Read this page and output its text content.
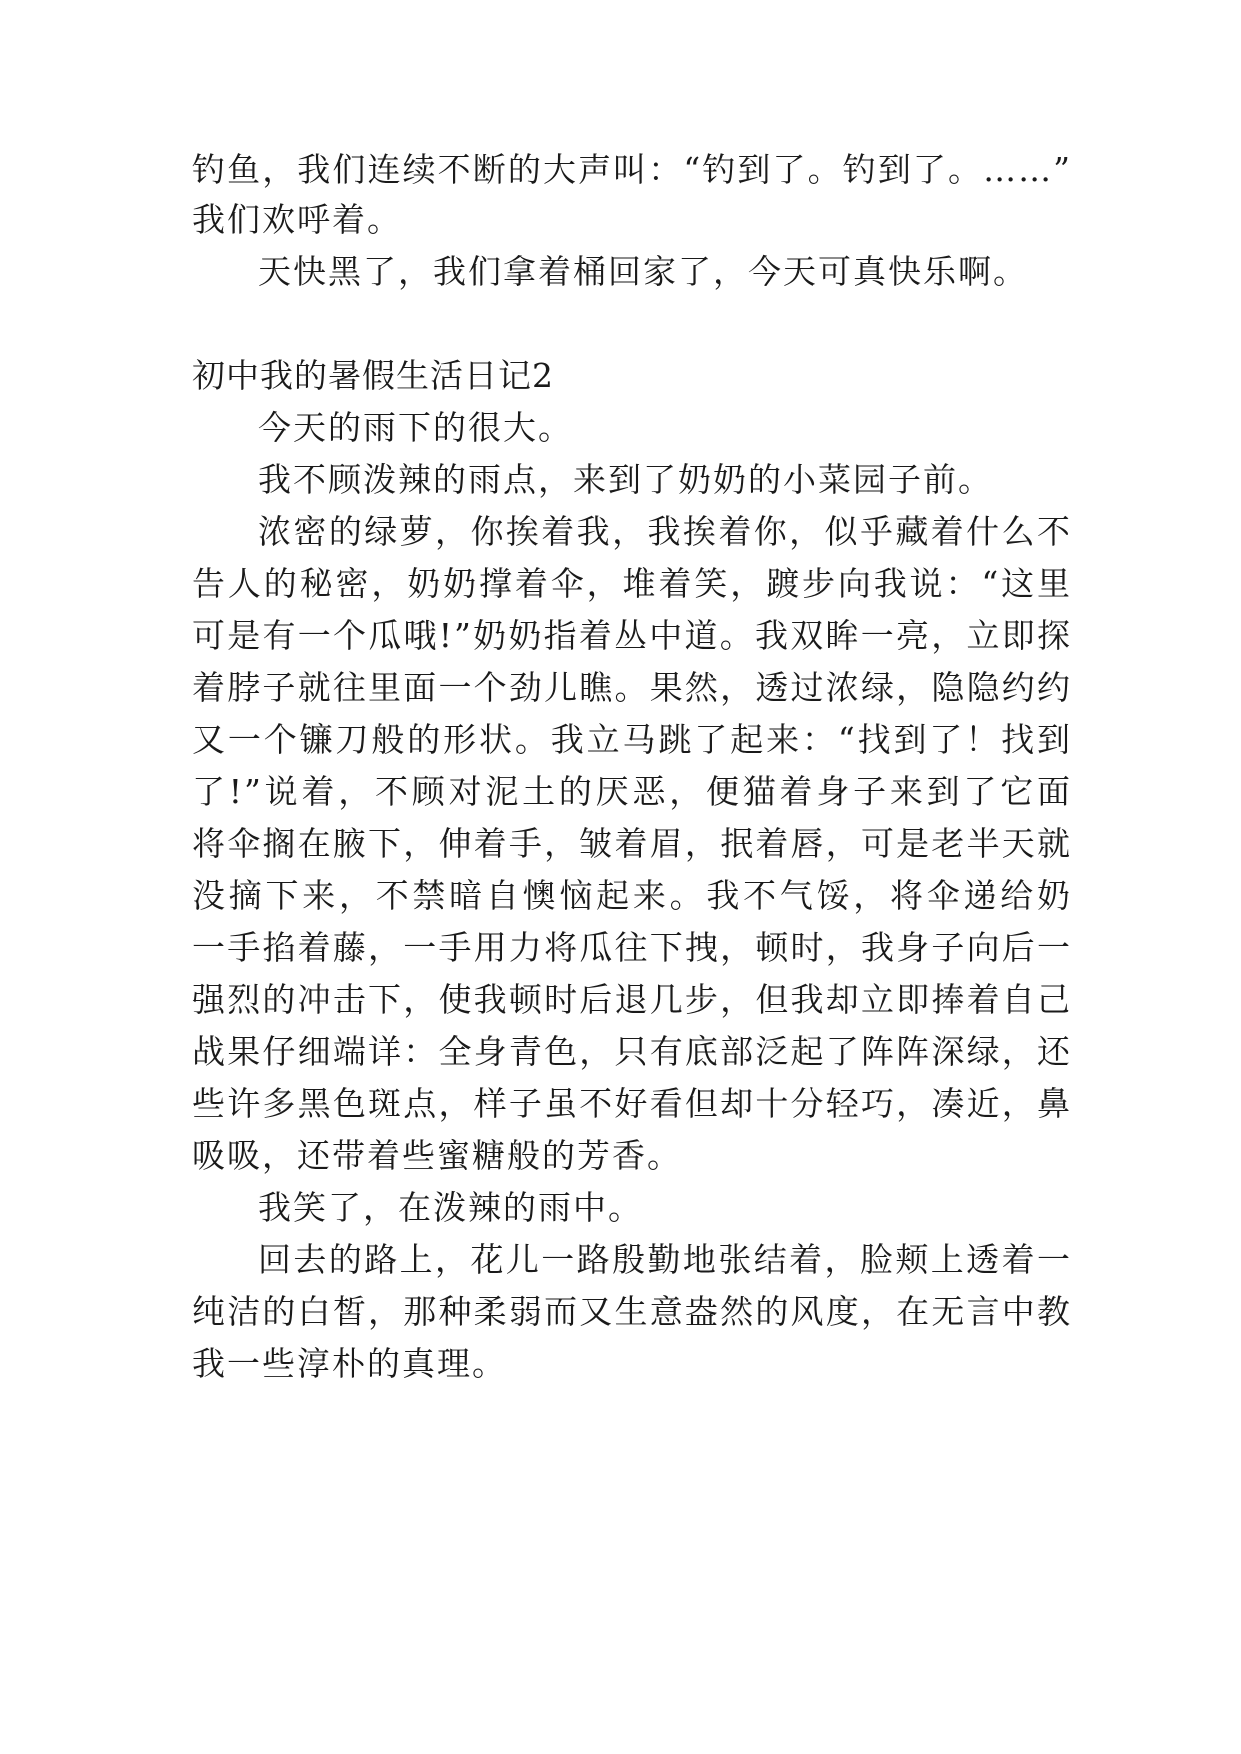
钓鱼，我们连续不断的大声叫：“钓到了。钓到了。……”
我们欢呼着。
天快黑了，我们拿着桶回家了，今天可真快乐啊。
初中我的暑假生活日记2
今天的雨下的很大。
我不顾泼辣的雨点，来到了奶奶的小菜园子前。
浓密的绿萝，你挨着我，我挨着你，似乎藏着什么不
告人的秘密，奶奶撑着伞，堆着笑，踱步向我说：“这里
可是有一个瓜哦!”奶奶指着丛中道。我双眸一亮，立即探
着脖子就往里面一个劲儿瞧。果然，透过浓绿，隐隐约约
又一个镰刀般的形状。我立马跳了起来：“找到了！找到
了!”说着，不顾对泥土的厌恶，便猫着身子来到了它面
将伞搁在腋下，伸着手，皱着眉，抿着唇，可是老半天就
没摘下来，不禁暗自懊恼起来。我不气馁，将伞递给奶
一手掐着藤，一手用力将瓜往下拽，顿时，我身子向后一
强烈的冲击下，使我顿时后退几步，但我却立即捧着自己
战果仔细端详：全身青色，只有底部泛起了阵阵深绿，还
些许多黑色斑点，样子虽不好看但却十分轻巧，凑近，鼻
吸吸，还带着些蜜糖般的芳香。
我笑了，在泼辣的雨中。
回去的路上，花儿一路殷勤地张结着，脸颊上透着一
纯洁的白皙，那种柔弱而又生意盎然的风度，在无言中教
我一些淳朴的真理。
